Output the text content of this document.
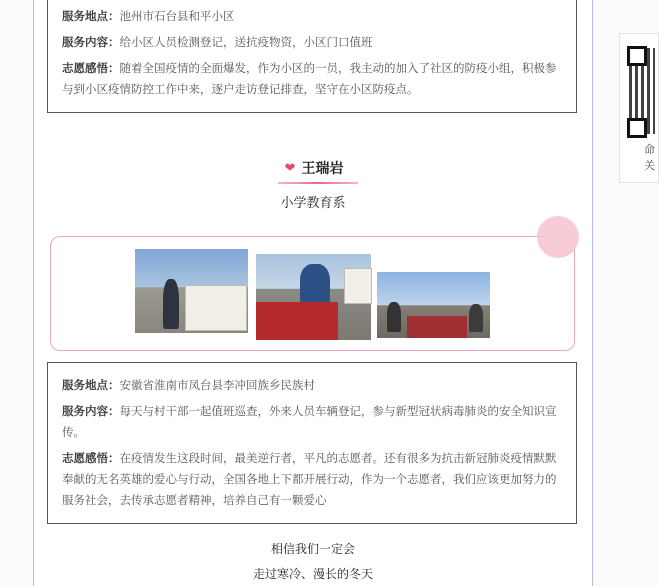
服务地点：池州市石台县和平小区

服务内容：给小区人员检测登记，送抗疫物资，小区门口值班

志愿感悟：随着全国疫情的全面爆发，作为小区的一员，我主动的加入了社区的防疫小组，积极参与到小区疫情防控工作中来，逐户走访登记排查，坚守在小区防疫点。

❤ 王瑞岩
小学教育系

服务地点：安徽省淮南市凤台县李冲回族乡民族村

服务内容：每天与村干部一起值班巡查，外来人员车辆登记，参与新型冠状病毒肺炎的安全知识宣传。

志愿感悟：在疫情发生这段时间，最美逆行者，平凡的志愿者。还有很多为抗击新冠肺炎疫情默默奉献的无名英雄的爱心与行动，全国各地上下都开展行动，作为一个志愿者，我们应该更加努力的服务社会，去传承志愿者精神，培养自己有一颗爱心

相信我们一定会
走过寒冷、漫长的冬天
命
关
